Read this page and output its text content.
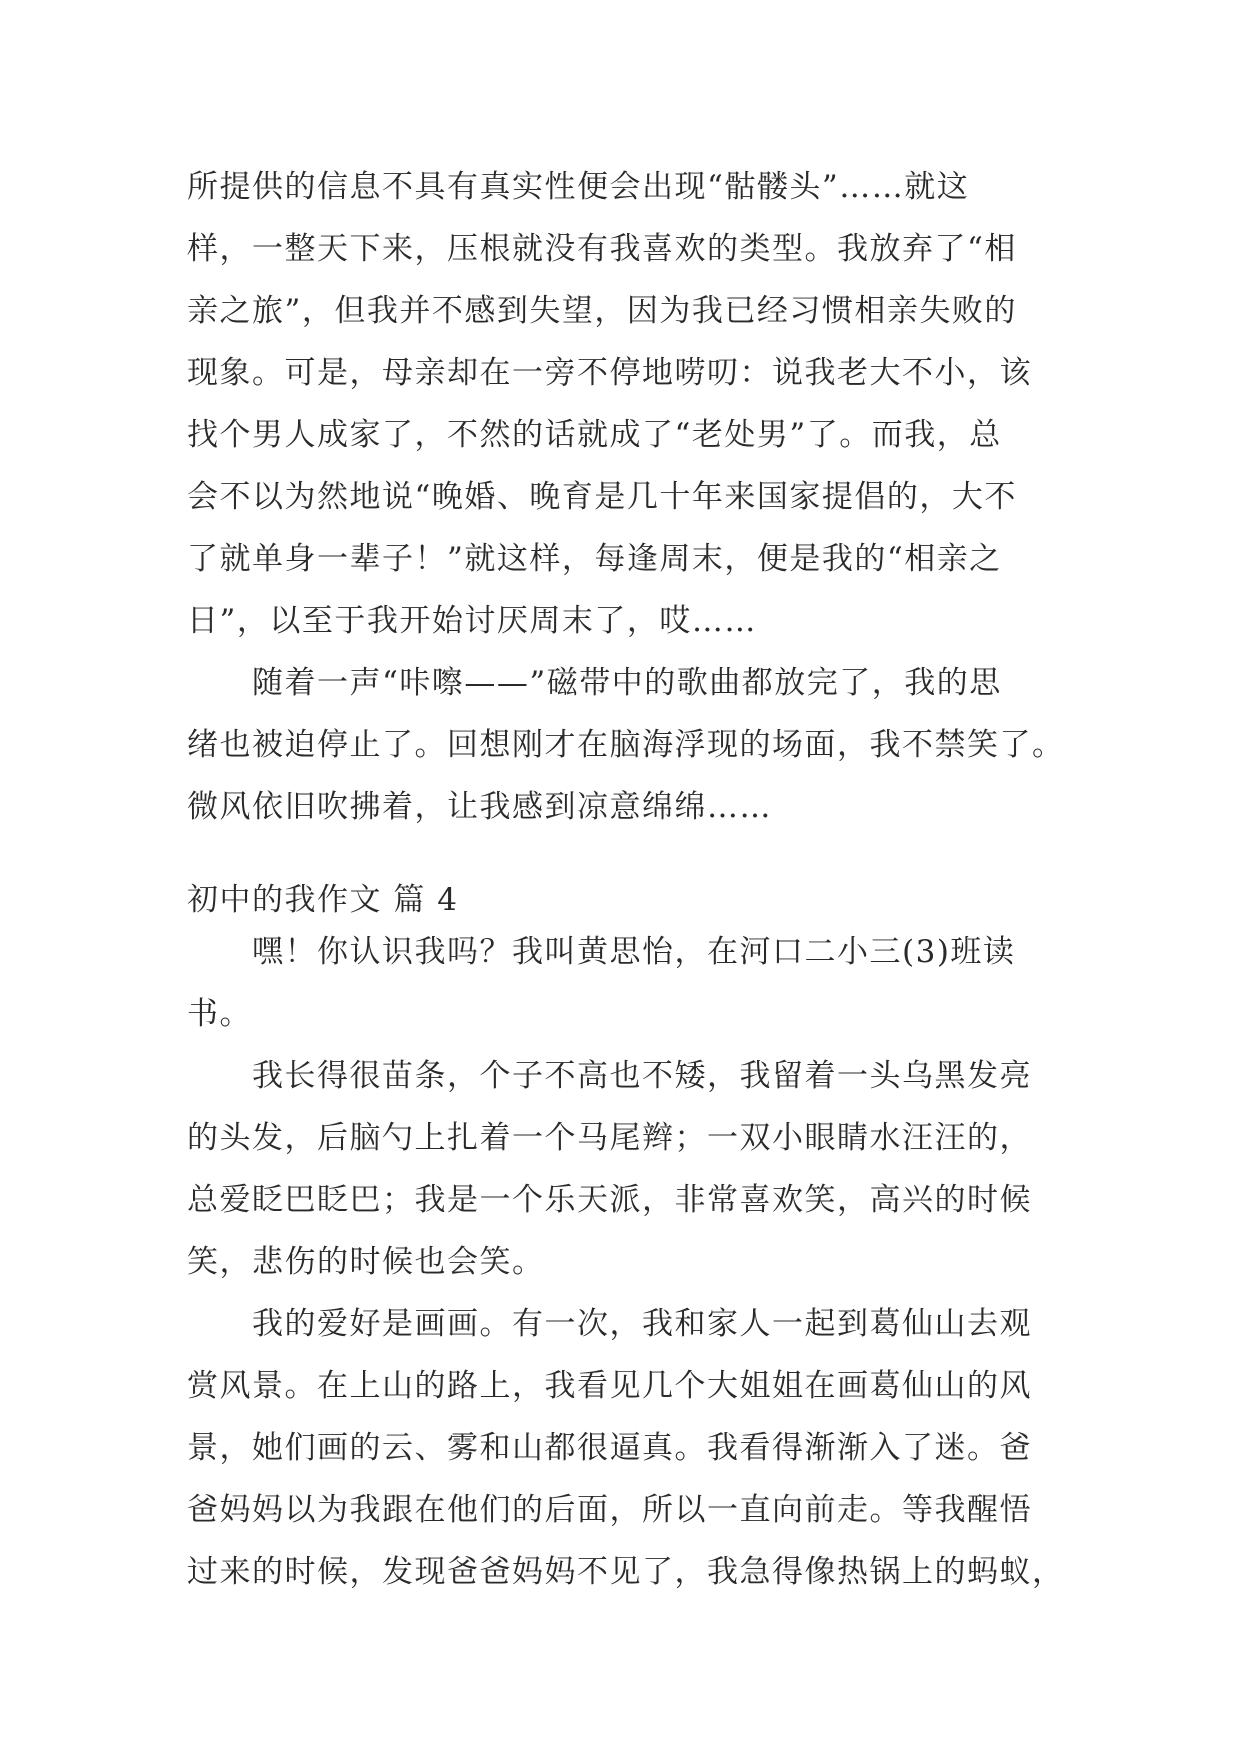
所提供的信息不具有真实性便会出现“骷髅头”……就这
样，一整天下来，压根就没有我喜欢的类型。我放弃了“相
亲之旅”，但我并不感到失望，因为我已经习惯相亲失败的
现象。可是，母亲却在一旁不停地唠叨：说我老大不小，该
找个男人成家了，不然的话就成了“老处男”了。而我，总
会不以为然地说“晚婚、晚育是几十年来国家提倡的，大不
了就单身一辈子！”就这样，每逢周末，便是我的“相亲之
日”，以至于我开始讨厌周末了，哎……
　　随着一声“咔嚓——”磁带中的歌曲都放完了，我的思
绪也被迫停止了。回想刚才在脑海浮现的场面，我不禁笑了。
微风依旧吹拂着，让我感到凉意绵绵……
初中的我作文 篇 4
　　嘿！你认识我吗？我叫黄思怡，在河口二小三(3)班读
书。
　　我长得很苗条，个子不高也不矮，我留着一头乌黑发亮
的头发，后脑勺上扎着一个马尾辫；一双小眼睛水汪汪的，
总爱眨巴眨巴；我是一个乐天派，非常喜欢笑，高兴的时候
笑，悲伤的时候也会笑。
　　我的爱好是画画。有一次，我和家人一起到葛仙山去观
赏风景。在上山的路上，我看见几个大姐姐在画葛仙山的风
景，她们画的云、雾和山都很逼真。我看得渐渐入了迷。爸
爸妈妈以为我跟在他们的后面，所以一直向前走。等我醒悟
过来的时候，发现爸爸妈妈不见了，我急得像热锅上的蚂蚁，
